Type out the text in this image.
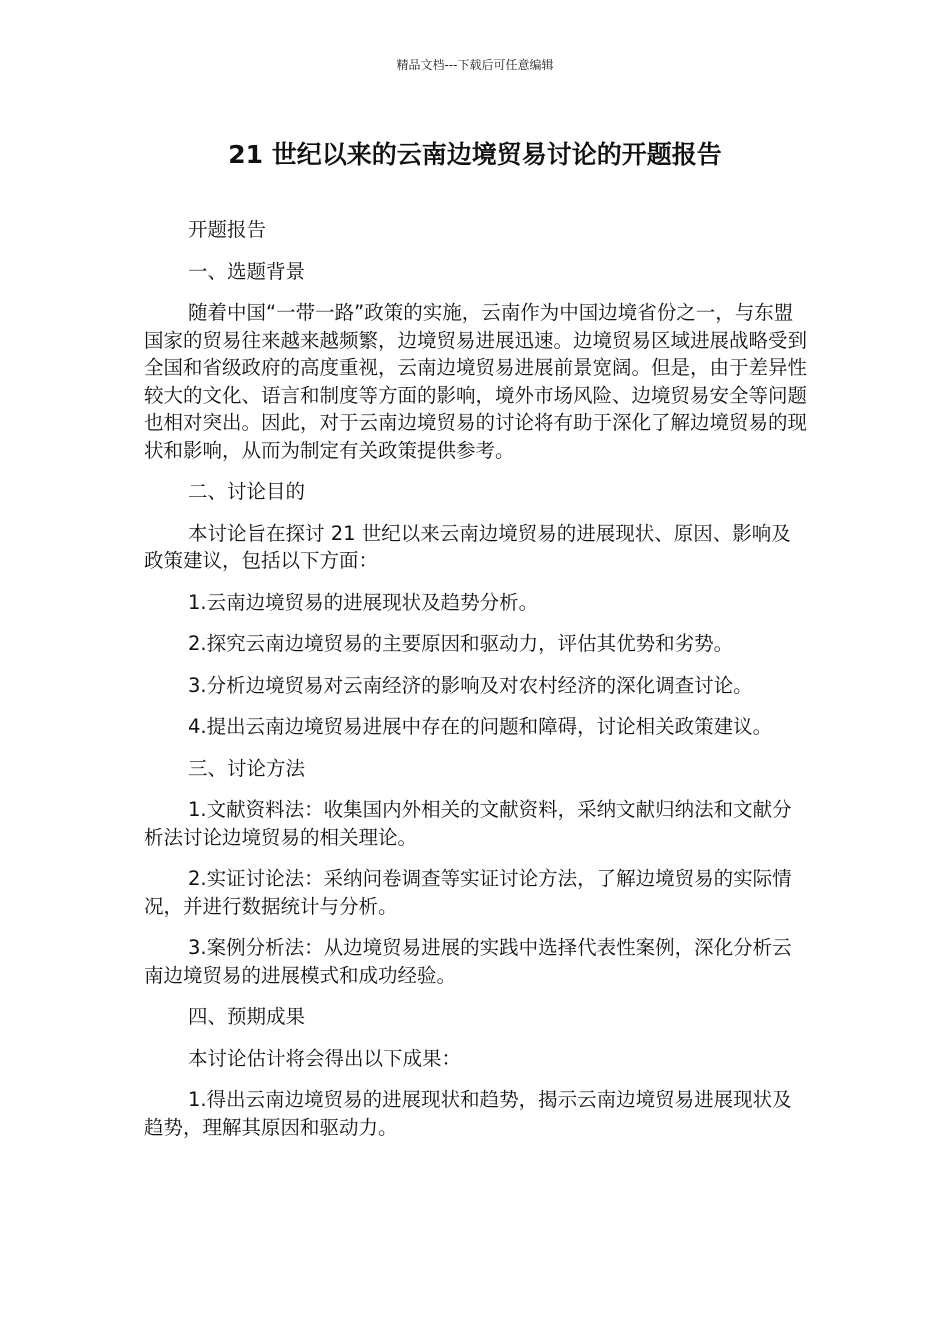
精品文档---下载后可任意编辑
21 世纪以来的云南边境贸易讨论的开题报告

开题报告

一、选题背景

随着中国“一带一路”政策的实施，云南作为中国边境省份之一，与东盟国家的贸易往来越来越频繁，边境贸易进展迅速。边境贸易区域进展战略受到全国和省级政府的高度重视，云南边境贸易进展前景宽阔。但是，由于差异性较大的文化、语言和制度等方面的影响，境外市场风险、边境贸易安全等问题也相对突出。因此，对于云南边境贸易的讨论将有助于深化了解边境贸易的现状和影响，从而为制定有关政策提供参考。

二、讨论目的

本讨论旨在探讨 21 世纪以来云南边境贸易的进展现状、原因、影响及政策建议，包括以下方面：

1.云南边境贸易的进展现状及趋势分析。

2.探究云南边境贸易的主要原因和驱动力，评估其优势和劣势。

3.分析边境贸易对云南经济的影响及对农村经济的深化调查讨论。

4.提出云南边境贸易进展中存在的问题和障碍，讨论相关政策建议。

三、讨论方法

1.文献资料法：收集国内外相关的文献资料，采纳文献归纳法和文献分析法讨论边境贸易的相关理论。

2.实证讨论法：采纳问卷调查等实证讨论方法，了解边境贸易的实际情况，并进行数据统计与分析。

3.案例分析法：从边境贸易进展的实践中选择代表性案例，深化分析云南边境贸易的进展模式和成功经验。

四、预期成果

本讨论估计将会得出以下成果：

1.得出云南边境贸易的进展现状和趋势，揭示云南边境贸易进展现状及趋势，理解其原因和驱动力。
